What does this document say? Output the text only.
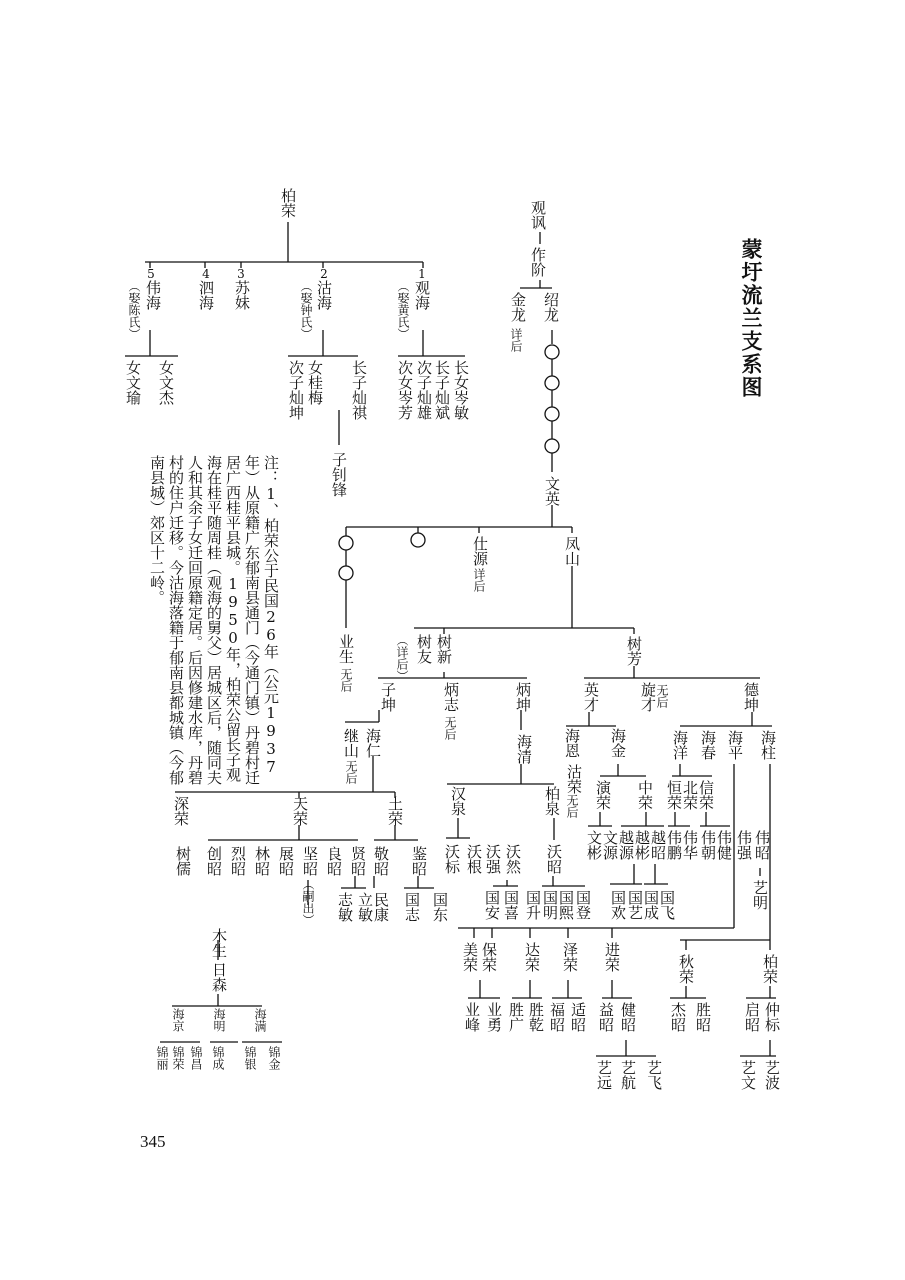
柏荣
5
伟海
（娶陈氏）
4
泗海
3
苏妹
2
沽海
（娶钟氏）
1
观海
（娶黄氏）
女文杰
女文瑜	长子灿祺
女桂梅
次子灿坤
子钊锋
长女岑敏
长子灿斌
次子灿雄
次女岑芳
观讽
作阶
金龙
详后
绍龙
文英
凤山
仕源
详后
业生
无后	（详后） 树友 树新	树芳
子坤	炳志
无后
炳坤	英才	旋才
无后	德坤
继山
无后
海仁	海清 海恩
沽荣
无后
海金	海洋 海春 海平 海柱
深荣	天荣	土荣	汉泉	柏泉 演荣 中荣 恒荣
北荣
信荣
树儒 创昭 烈昭 林昭 展昭 坚昭
（嗣出）
良昭 贤昭 敬昭 鉴昭 沃标 沃根 沃强 沃然 沃昭 文彬
文源
越源
越彬
越昭
伟鹏
伟华 伟朝
伟健 伟强 伟昭
志敏 立敏
民康 国志 国东 国安 国喜 国升 国明
国熙 国登 国欢 国艺
国成
国飞	艺明
美荣 保荣 达荣 泽荣 进荣	秋荣	柏荣
业峰 业勇 胜广 胜乾 福昭 适昭 益昭 健昭 杰昭 胜昭 启昭 仲标
艺远 艺航 艺飞	艺文 艺波
木生
日森
海京 海明 海满
锦丽 锦荣 锦昌 锦成 锦银 锦金
蒙圩流兰支系图
注：1、柏荣公于民国26年（公元1937年）从原籍广东郁南县通门（今通门镇）丹碧村迁居广西桂平县城。1950年，柏荣公留长子观海在桂平随周桂（观海的舅父）居城区后，随同夫人和其余子女迁回原籍定居。后因修建水库，丹碧村的住户迁移。今沽海落籍于郁南县都城镇（今郁南县城）郊区十二岭。
345
